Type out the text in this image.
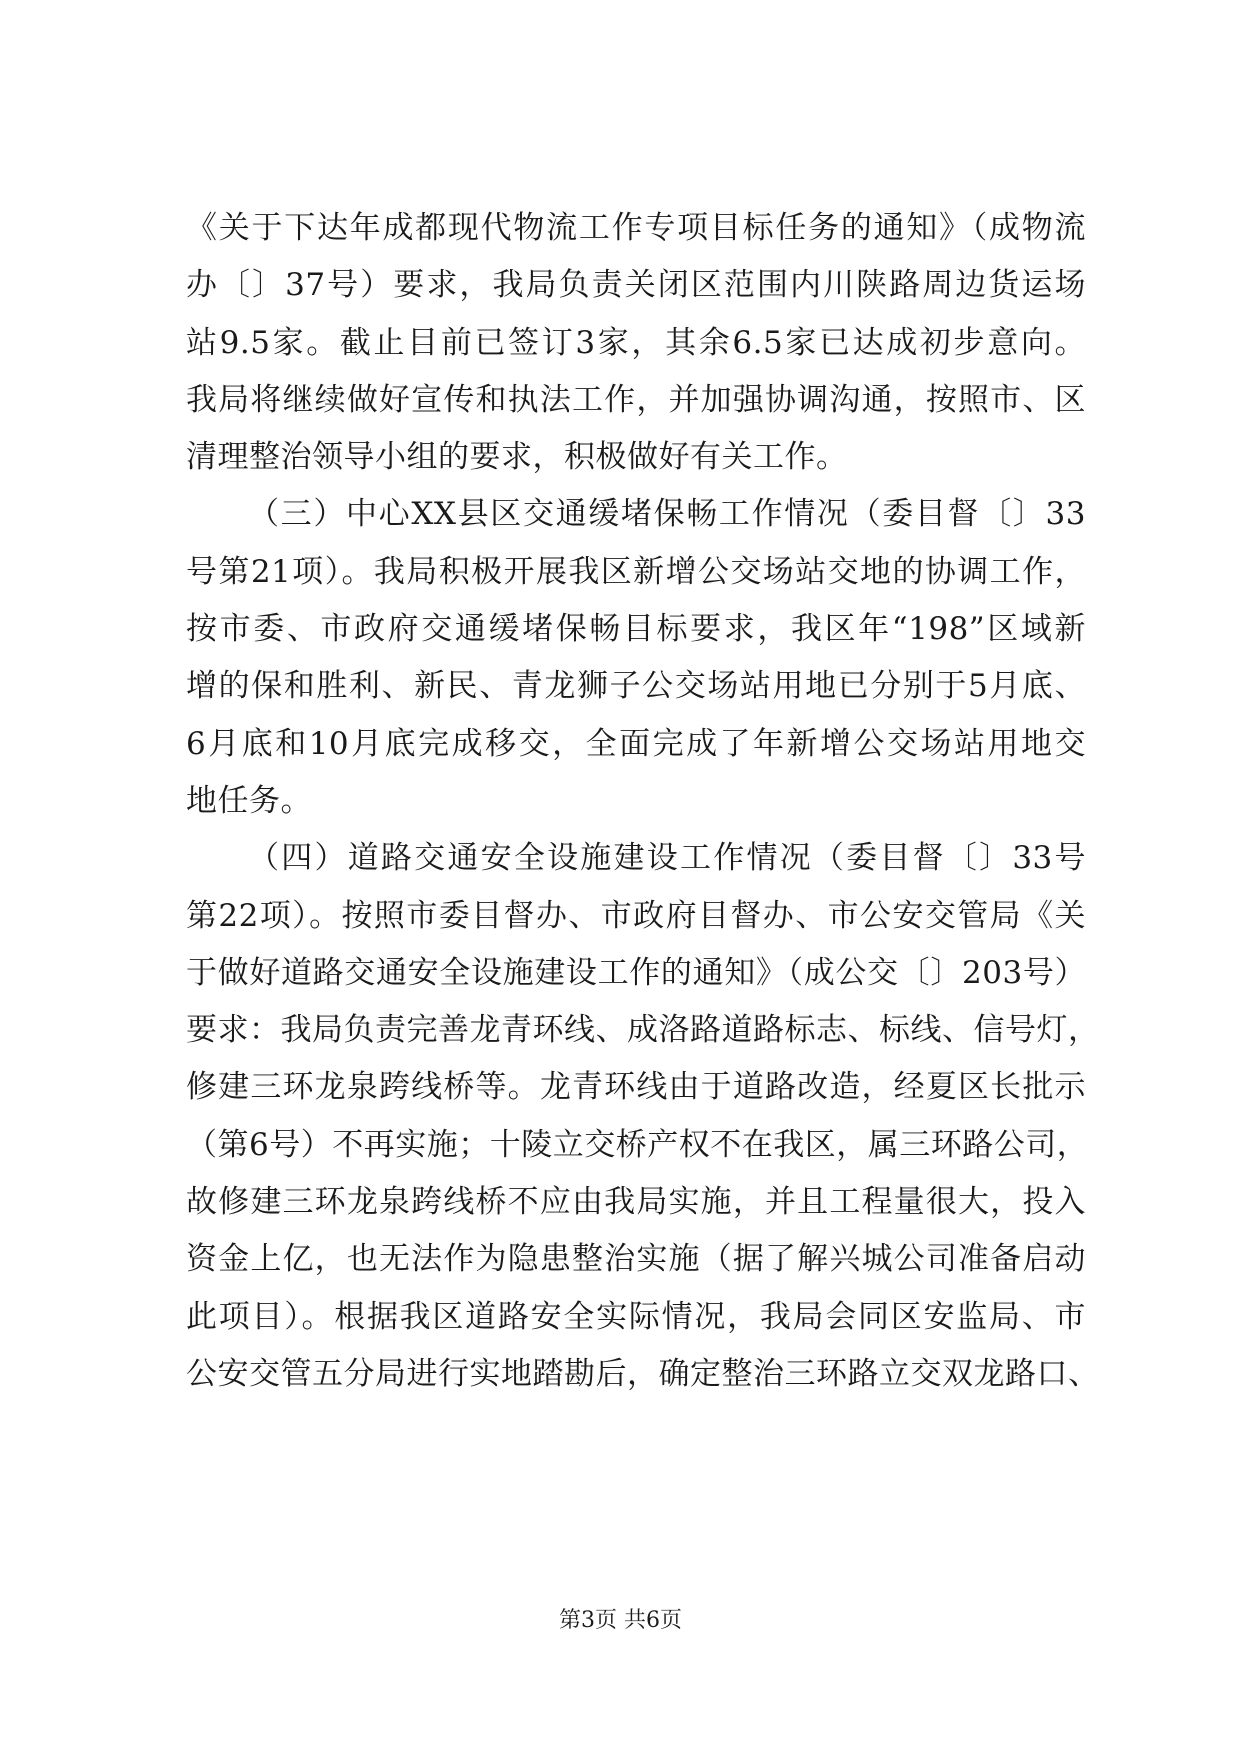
《关于下达年成都现代物流工作专项目标任务的通知》（成物流
办〔〕37号）要求，我局负责关闭区范围内川陕路周边货运场
站9.5家。截止目前已签订3家，其余6.5家已达成初步意向。
我局将继续做好宣传和执法工作，并加强协调沟通，按照市、区
清理整治领导小组的要求，积极做好有关工作。
（三）中心XX县区交通缓堵保畅工作情况（委目督〔〕33
号第21项）。我局积极开展我区新增公交场站交地的协调工作，
按市委、市政府交通缓堵保畅目标要求，我区年“198”区域新
增的保和胜利、新民、青龙狮子公交场站用地已分别于5月底、
6月底和10月底完成移交，全面完成了年新增公交场站用地交
地任务。
（四）道路交通安全设施建设工作情况（委目督〔〕33号
第22项）。按照市委目督办、市政府目督办、市公安交管局《关
于做好道路交通安全设施建设工作的通知》（成公交〔〕203号）
要求：我局负责完善龙青环线、成洛路道路标志、标线、信号灯，
修建三环龙泉跨线桥等。龙青环线由于道路改造，经夏区长批示
（第6号）不再实施；十陵立交桥产权不在我区，属三环路公司，
故修建三环龙泉跨线桥不应由我局实施，并且工程量很大，投入
资金上亿，也无法作为隐患整治实施（据了解兴城公司准备启动
此项目）。根据我区道路安全实际情况，我局会同区安监局、市
公安交管五分局进行实地踏勘后，确定整治三环路立交双龙路口、
第3页 共6页
